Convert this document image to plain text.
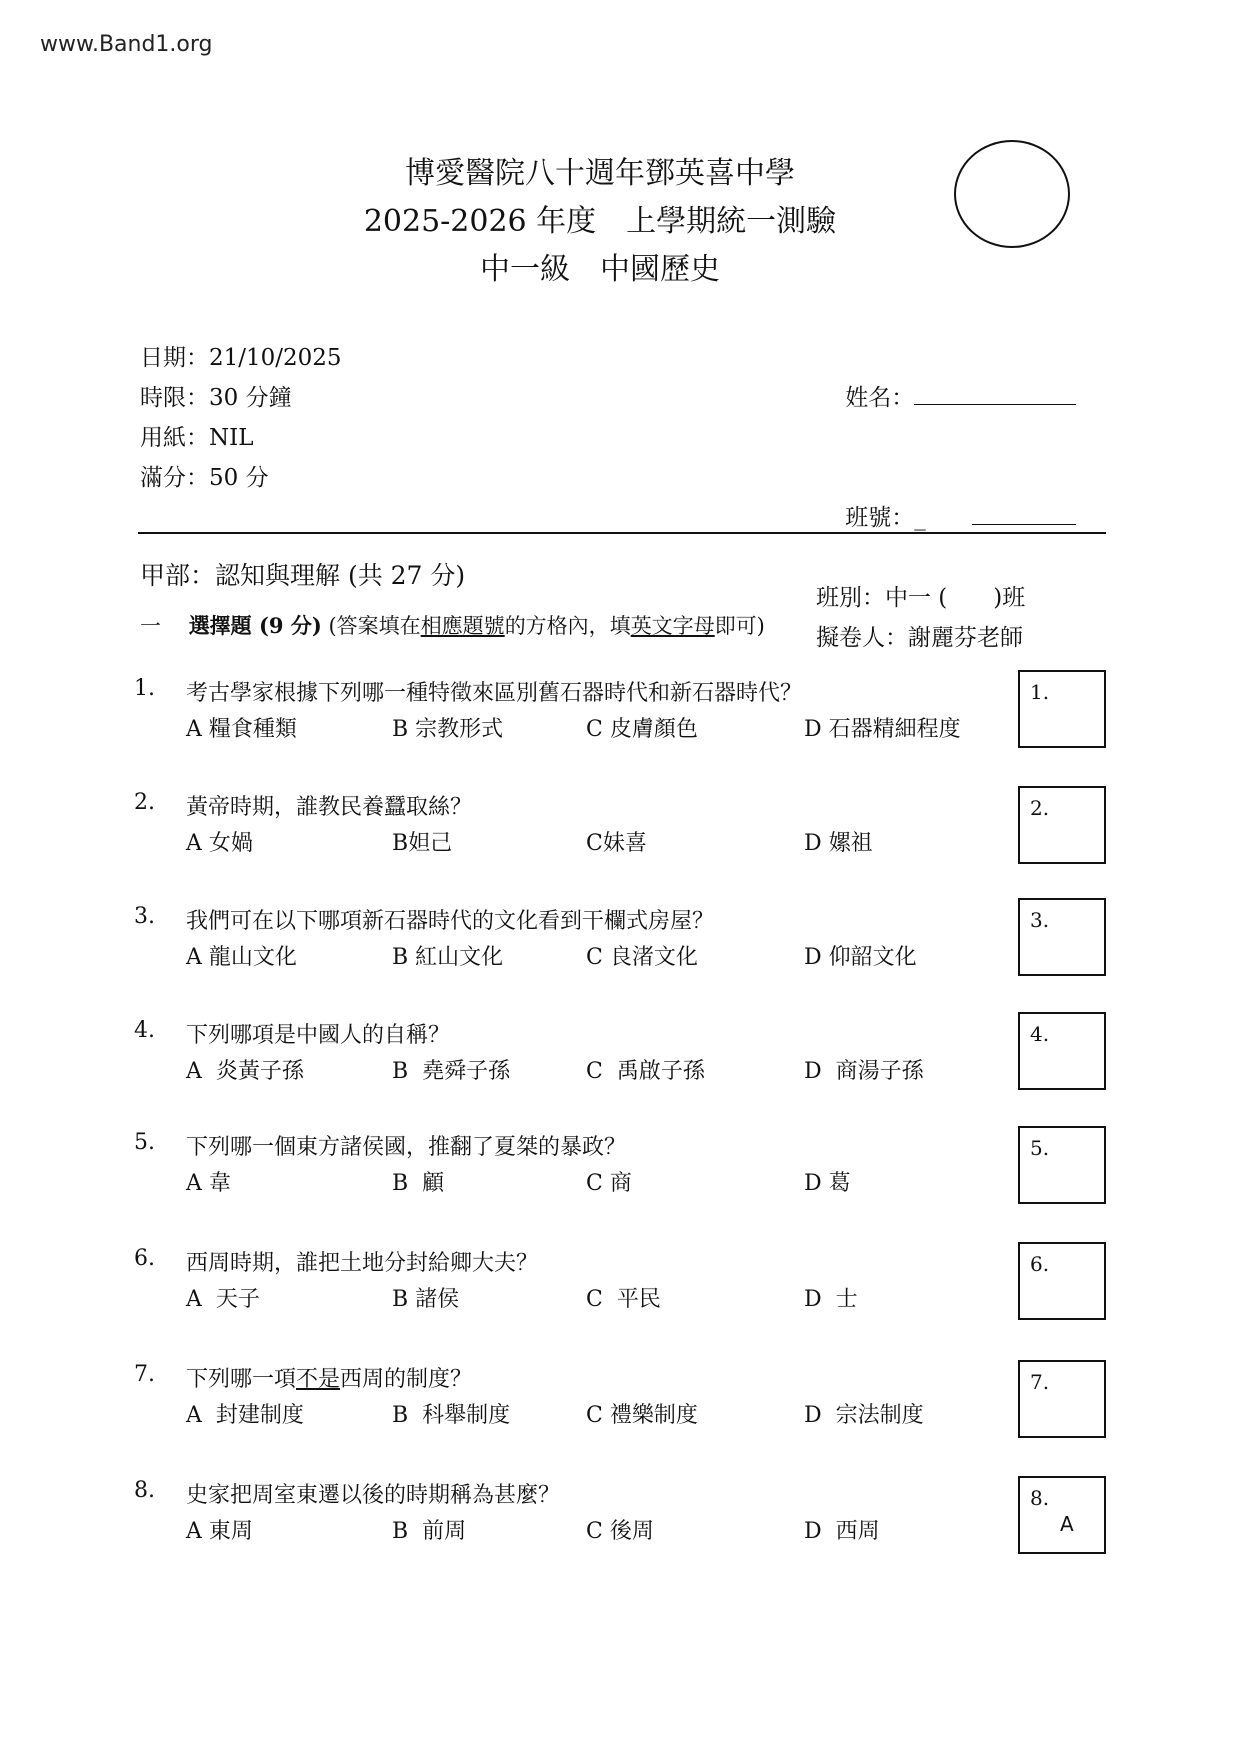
www.Band1.org
博愛醫院八十週年鄧英喜中學
2025-2026 年度　上學期統一測驗
中一級　中國歷史
日期：21/10/2025
時限：30 分鐘
用紙：NIL
滿分：50 分

姓名：

班號：_

班別：中一 (　　)班
擬卷人：謝麗芬老師
甲部：認知與理解 (共 27 分)
一　 選擇題 (9 分) (答案填在相應題號的方格內，填英文字母即可)
1. 考古學家根據下列哪一種特徵來區別舊石器時代和新石器時代？
A 糧食種類	B 宗教形式	C 皮膚顏色	D 石器精細程度
1.
2. 黃帝時期，誰教民養蠶取絲？
A 女媧	B妲己	C妹喜	D 嫘祖
2.
3. 我們可在以下哪項新石器時代的文化看到干欄式房屋？
A 龍山文化	B 紅山文化	C 良渚文化	D 仰韶文化
3.
4. 下列哪項是中國人的自稱？
A  炎黃子孫	B  堯舜子孫	C  禹啟子孫	D  商湯子孫
4.
5. 下列哪一個東方諸侯國，推翻了夏桀的暴政？
A 韋	B  顧	C 商	D 葛
5.
6. 西周時期，誰把土地分封給卿大夫？
A  天子	B 諸侯	C  平民	D  士
6.
7. 下列哪一項不是西周的制度？
A  封建制度	B  科舉制度	C 禮樂制度	D  宗法制度
7.
8. 史家把周室東遷以後的時期稱為甚麼？
A 東周	B  前周	C 後周	D  西周
8.
A
